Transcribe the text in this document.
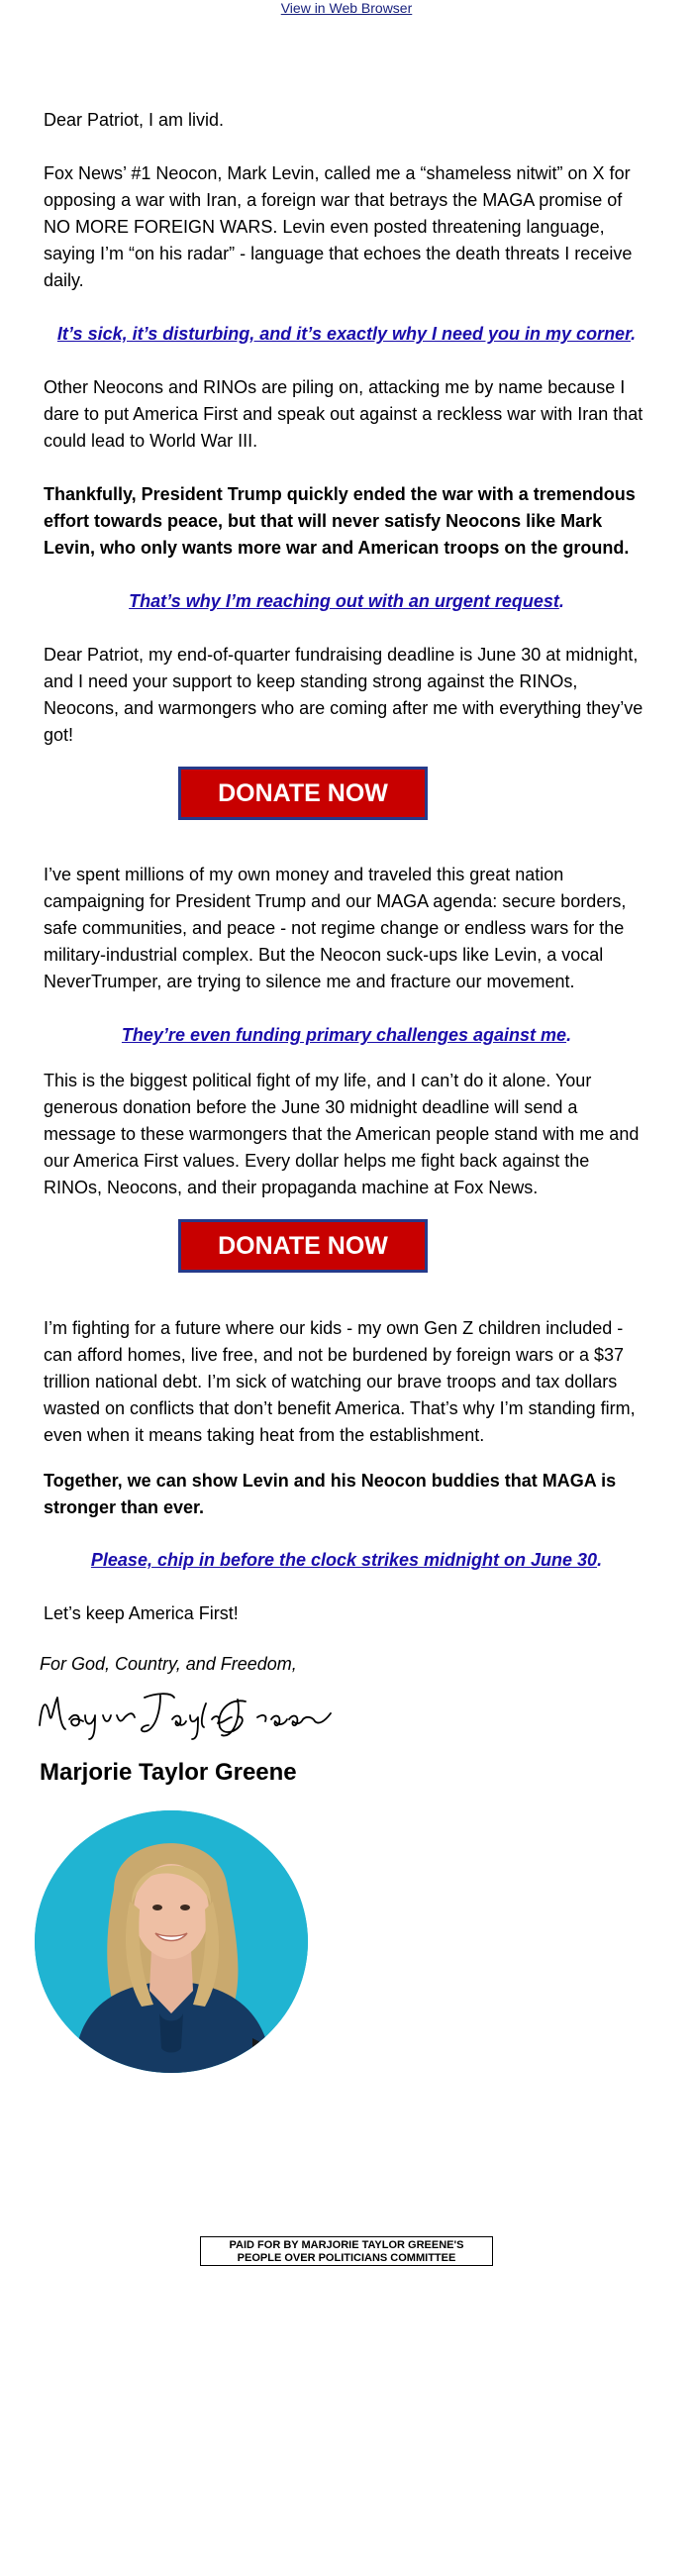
View in Web Browser

Dear Patriot, I am livid.

Fox News’ #1 Neocon, Mark Levin, called me a “shameless nitwit” on X for opposing a war with Iran, a foreign war that betrays the MAGA promise of NO MORE FOREIGN WARS. Levin even posted threatening language, saying I’m “on his radar” - language that echoes the death threats I receive daily.

It’s sick, it’s disturbing, and it’s exactly why I need you in my corner.

Other Neocons and RINOs are piling on, attacking me by name because I dare to put America First and speak out against a reckless war with Iran that could lead to World War III.

Thankfully, President Trump quickly ended the war with a tremendous effort towards peace, but that will never satisfy Neocons like Mark Levin, who only wants more war and American troops on the ground.

That’s why I’m reaching out with an urgent request.

Dear Patriot, my end-of-quarter fundraising deadline is June 30 at midnight, and I need your support to keep standing strong against the RINOs, Neocons, and warmongers who are coming after me with everything they’ve got!

I’ve spent millions of my own money and traveled this great nation campaigning for President Trump and our MAGA agenda: secure borders, safe communities, and peace - not regime change or endless wars for the military-industrial complex. But the Neocon suck-ups like Levin, a vocal NeverTrumper, are trying to silence me and fracture our movement.

They’re even funding primary challenges against me.

This is the biggest political fight of my life, and I can’t do it alone. Your generous donation before the June 30 midnight deadline will send a message to these warmongers that the American people stand with me and our America First values. Every dollar helps me fight back against the RINOs, Neocons, and their propaganda machine at Fox News.

I’m fighting for a future where our kids - my own Gen Z children included - can afford homes, live free, and not be burdened by foreign wars or a $37 trillion national debt. I’m sick of watching our brave troops and tax dollars wasted on conflicts that don’t benefit America. That’s why I’m standing firm, even when it means taking heat from the establishment.

Together, we can show Levin and his Neocon buddies that MAGA is stronger than ever.

Please, chip in before the clock strikes midnight on June 30.

Let’s keep America First!

DONATE NOW
DONATE NOW
For God, Country, and Freedom,
Marjorie Taylor Greene
PAID FOR BY MARJORIE TAYLOR GREENE'S
PEOPLE OVER POLITICIANS COMMITTEE
